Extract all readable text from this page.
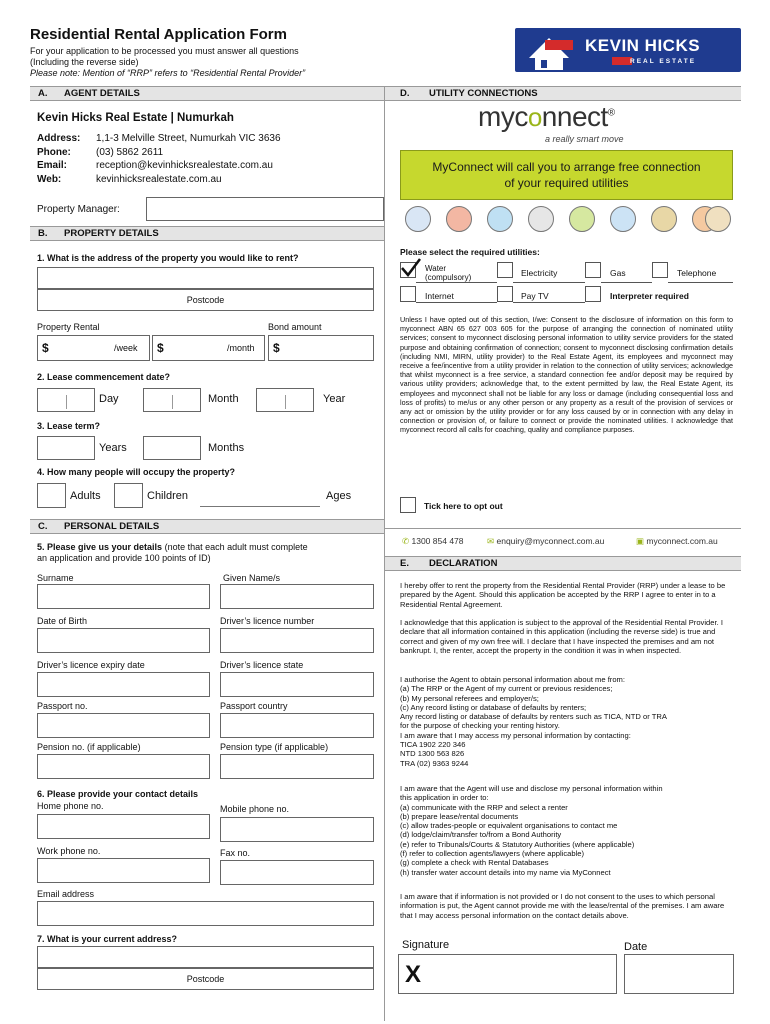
Residential Rental Application Form
For your application to be processed you must answer all questions
(Including the reverse side)
Please note: Mention of “RRP” refers to “Residential Rental Provider”
KEVIN HICKS
REAL ESTATE
A. AGENT DETAILS
Kevin Hicks Real Estate | Numurkah
Address: 1,1-3 Melville Street, Numurkah VIC 3636
Phone:	(03) 5862 2611
Email:	reception@kevinhicksrealestate.com.au
Web:	kevinhicksrealestate.com.au
Property Manager:
B. PROPERTY DETAILS
1. What is the address of the property you would like to rent?
Postcode
Property Rental	Bond amount
$	/week $	/month $
2. Lease commencement date?
Day	Month	Year
3. Lease term?
Years	Months
4. How many people will occupy the property?
Adults	Children	Ages
C. PERSONAL DETAILS
5. Please give us your details (note that each adult must complete
an application and provide 100 points of ID)
Surname	Given Name/s
Date of Birth	Driver’s licence number
Driver’s licence expiry date	Driver’s licence state
Passport no.	Passport country
Pension no. (if applicable)	Pension type (if applicable)
6. Please provide your contact details
Home phone no.	Mobile phone no.
Work phone no.	Fax no.
Email address
7. What is your current address?
Postcode
D. UTILITY CONNECTIONS
myconnect®
a really smart move
MyConnect will call you to arrange free connection of your required utilities
Please select the required utilities:
Water
(compulsory)	Electricity	Gas	Telephone
Internet	Pay TV	Interpreter required
Unless I have opted out of this section, I/we: Consent to the disclosure of information on this form to myconnect ABN 65 627 003 605 for the purpose of arranging the connection of nominated utility services; consent to myconnect disclosing personal information to utility service providers for the stated purpose and obtaining confirmation of connection; consent to myconnect disclosing confirmation details (including NMI, MIRN, utility provider) to the Real Estate Agent, its employees and myconnect may receive a fee/incentive from a utility provider in relation to the connection of utility services; acknowledge that whilst myconnect is a free service, a standard connection fee and/or deposit may be required by various utility providers; acknowledge that, to the extent permitted by law, the Real Estate Agent, its employees and myconnect shall not be liable for any loss or damage (including consequential loss and loss of profits) to me/us or any other person or any property as a result of the provision of services or any act or omission by the utility provider or for any loss caused by or in connection with any delay in connection or provision of, or failure to connect or provide the nominated utilities. I acknowledge that myconnect record all calls for coaching, quality and compliance purposes.
Tick here to opt out
✆ 1300 854 478	✉ enquiry@myconnect.com.au	▣ myconnect.com.au
E. DECLARATION
I hereby offer to rent the property from the Residential Rental Provider (RRP) under a lease to be prepared by the Agent. Should this application be accepted by the RRP I agree to enter in to a Residential Rental Agreement.
I acknowledge that this application is subject to the approval of the Residential Rental Provider. I declare that all information contained in this application (including the reverse side) is true and correct and given of my own free will. I declare that I have inspected the premises and am not bankrupt. I, the renter, accept the property in the condition it was in when inspected.
I authorise the Agent to obtain personal information about me from:
(a) The RRP or the Agent of my current or previous residences;
(b) My personal referees and employer/s;
(c) Any record listing or database of defaults by renters;
Any record listing or database of defaults by renters such as TICA, NTD or TRA
for the purpose of checking your renting history.
I am aware that I may access my personal information by contacting:
TICA 1902 220 346
NTD 1300 563 826
TRA (02) 9363 9244
I am aware that the Agent will use and disclose my personal information within
this application in order to:
(a) communicate with the RRP and select a renter
(b) prepare lease/rental documents
(c) allow trades-people or equivalent organisations to contact me
(d) lodge/claim/transfer to/from a Bond Authority
(e) refer to Tribunals/Courts & Statutory Authorities (where applicable)
(f) refer to collection agents/lawyers (where applicable)
(g) complete a check with Rental Databases
(h) transfer water account details into my name via MyConnect
I am aware that if information is not provided or I do not consent to the uses to which personal information is put, the Agent cannot provide me with the lease/rental of the premises. I am aware that I may access personal information on the contact details above.
Signature	Date
X
